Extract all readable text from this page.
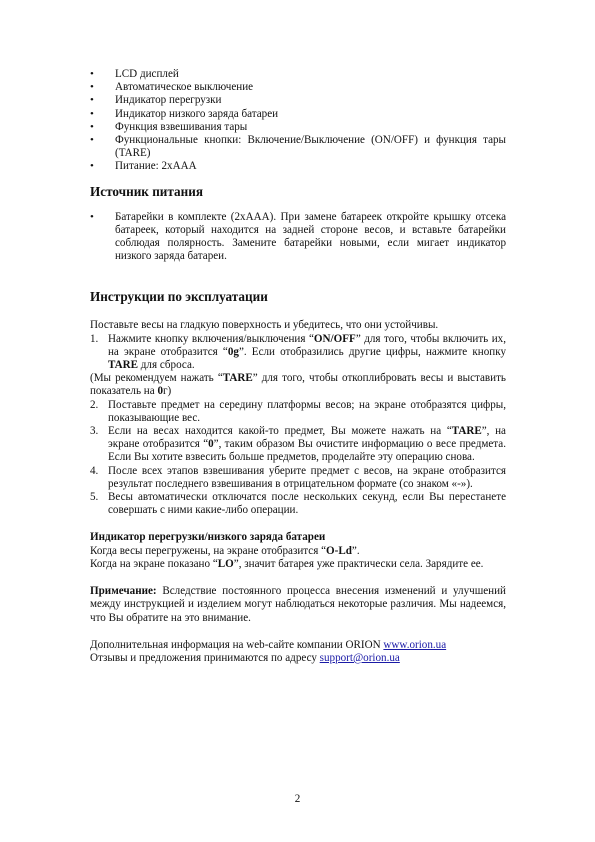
• LCD дисплей
• Автоматическое выключение
• Индикатор перегрузки
• Индикатор низкого заряда батареи
• Функция взвешивания тары
• Функциональные кнопки: Включение/Выключение (ON/OFF) и функция тары (TARE)
• Питание: 2хААА
Источник питания
• Батарейки в комплекте (2хААА). При замене батареек откройте крышку отсека батареек, который находится на задней стороне весов, и вставьте батарейки соблюдая полярность. Замените батарейки новыми, если мигает индикатор низкого заряда батареи.
Инструкции по эксплуатации

Поставьте весы на гладкую поверхность и убедитесь, что они устойчивы.

1. Нажмите кнопку включения/выключения “ON/OFF” для того, чтобы включить их, на экране отобразится “0g”. Если отобразились другие цифры, нажмите кнопку TARE для сброса.

(Мы рекомендуем нажать “TARE” для того, чтобы откоплибровать весы и выставить показатель на 0г)

2. Поставьте предмет на середину платформы весов; на экране отобразятся цифры, показывающие вес.
3. Если на весах находится какой-то предмет, Вы можете нажать на “TARE”, на экране отобразится “0”, таким образом Вы очистите информацию о весе предмета. Если Вы хотите взвесить больше предметов, проделайте эту операцию снова.
4. После всех этапов взвешивания уберите предмет с весов, на экране отобразится результат последнего взвешивания в отрицательном формате (со знаком «-»).
5. Весы автоматически отключатся после нескольких секунд, если Вы перестанете совершать с ними какие-либо операции.

Индикатор перегрузки/низкого заряда батареи

Когда весы перегружены, на экране отобразится “O-Ld”.

Когда на экране показано “LO”, значит батарея уже практически села. Зарядите ее.

Примечание: Вследствие постоянного процесса внесения изменений и улучшений между инструкцией и изделием могут наблюдаться некоторые различия. Мы надеемся, что Вы обратите на это внимание.

Дополнительная информация на web-сайте компании ORION www.orion.ua

Отзывы и предложения принимаются по адресу support@orion.ua

2
